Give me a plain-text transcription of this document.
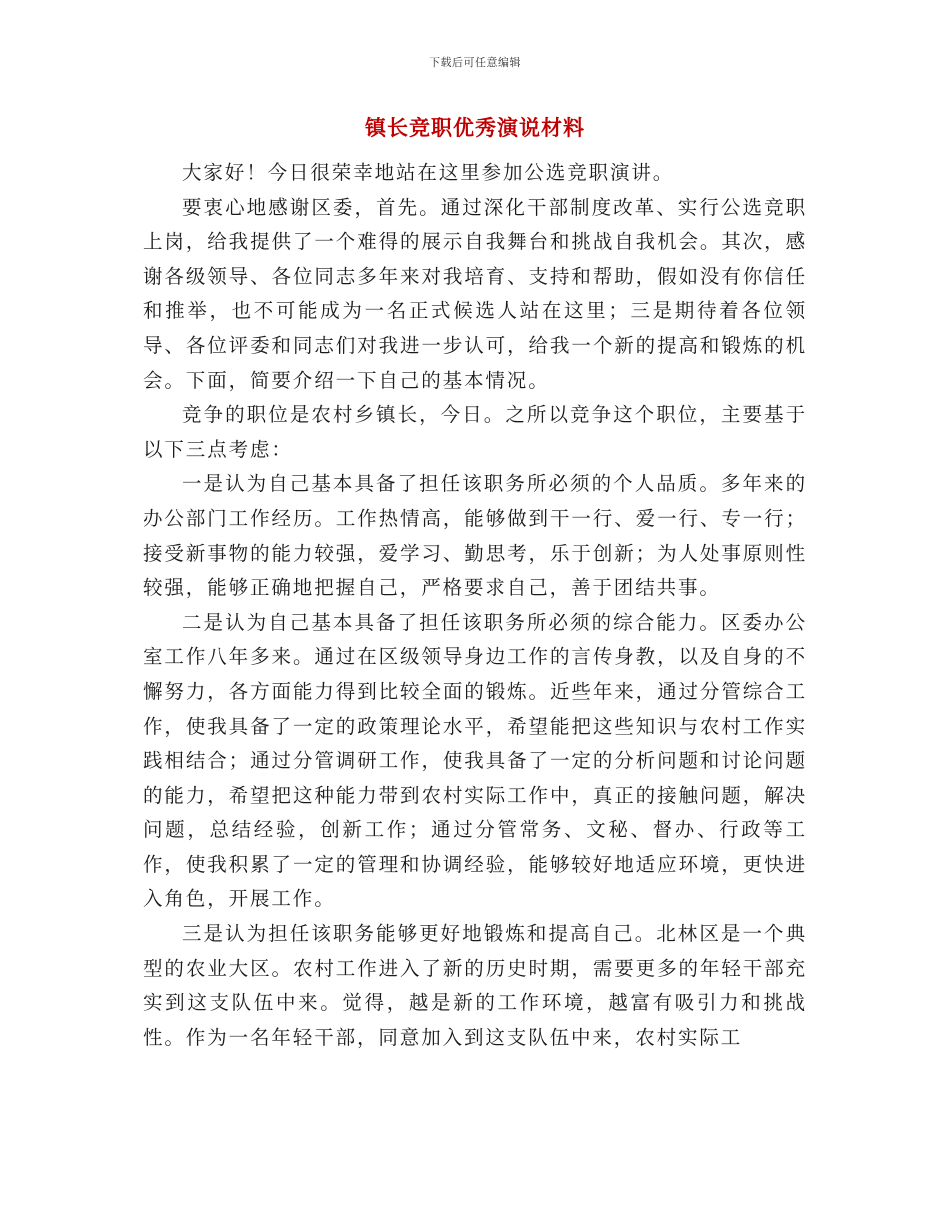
下载后可任意编辑
镇长竞职优秀演说材料

大家好！今日很荣幸地站在这里参加公选竞职演讲。

要衷心地感谢区委，首先。通过深化干部制度改革、实行公选竞职上岗，给我提供了一个难得的展示自我舞台和挑战自我机会。其次，感谢各级领导、各位同志多年来对我培育、支持和帮助，假如没有你信任和推举，也不可能成为一名正式候选人站在这里；三是期待着各位领导、各位评委和同志们对我进一步认可，给我一个新的提高和锻炼的机会。下面，简要介绍一下自己的基本情况。

竞争的职位是农村乡镇长，今日。之所以竞争这个职位，主要基于以下三点考虑：

一是认为自己基本具备了担任该职务所必须的个人品质。多年来的办公部门工作经历。工作热情高，能够做到干一行、爱一行、专一行；接受新事物的能力较强，爱学习、勤思考，乐于创新；为人处事原则性较强，能够正确地把握自己，严格要求自己，善于团结共事。

二是认为自己基本具备了担任该职务所必须的综合能力。区委办公室工作八年多来。通过在区级领导身边工作的言传身教，以及自身的不懈努力，各方面能力得到比较全面的锻炼。近些年来，通过分管综合工作，使我具备了一定的政策理论水平，希望能把这些知识与农村工作实践相结合；通过分管调研工作，使我具备了一定的分析问题和讨论问题的能力，希望把这种能力带到农村实际工作中，真正的接触问题，解决问题，总结经验，创新工作；通过分管常务、文秘、督办、行政等工作，使我积累了一定的管理和协调经验，能够较好地适应环境，更快进入角色，开展工作。

三是认为担任该职务能够更好地锻炼和提高自己。北林区是一个典型的农业大区。农村工作进入了新的历史时期，需要更多的年轻干部充实到这支队伍中来。觉得，越是新的工作环境，越富有吸引力和挑战性。作为一名年轻干部，同意加入到这支队伍中来，农村实际工
